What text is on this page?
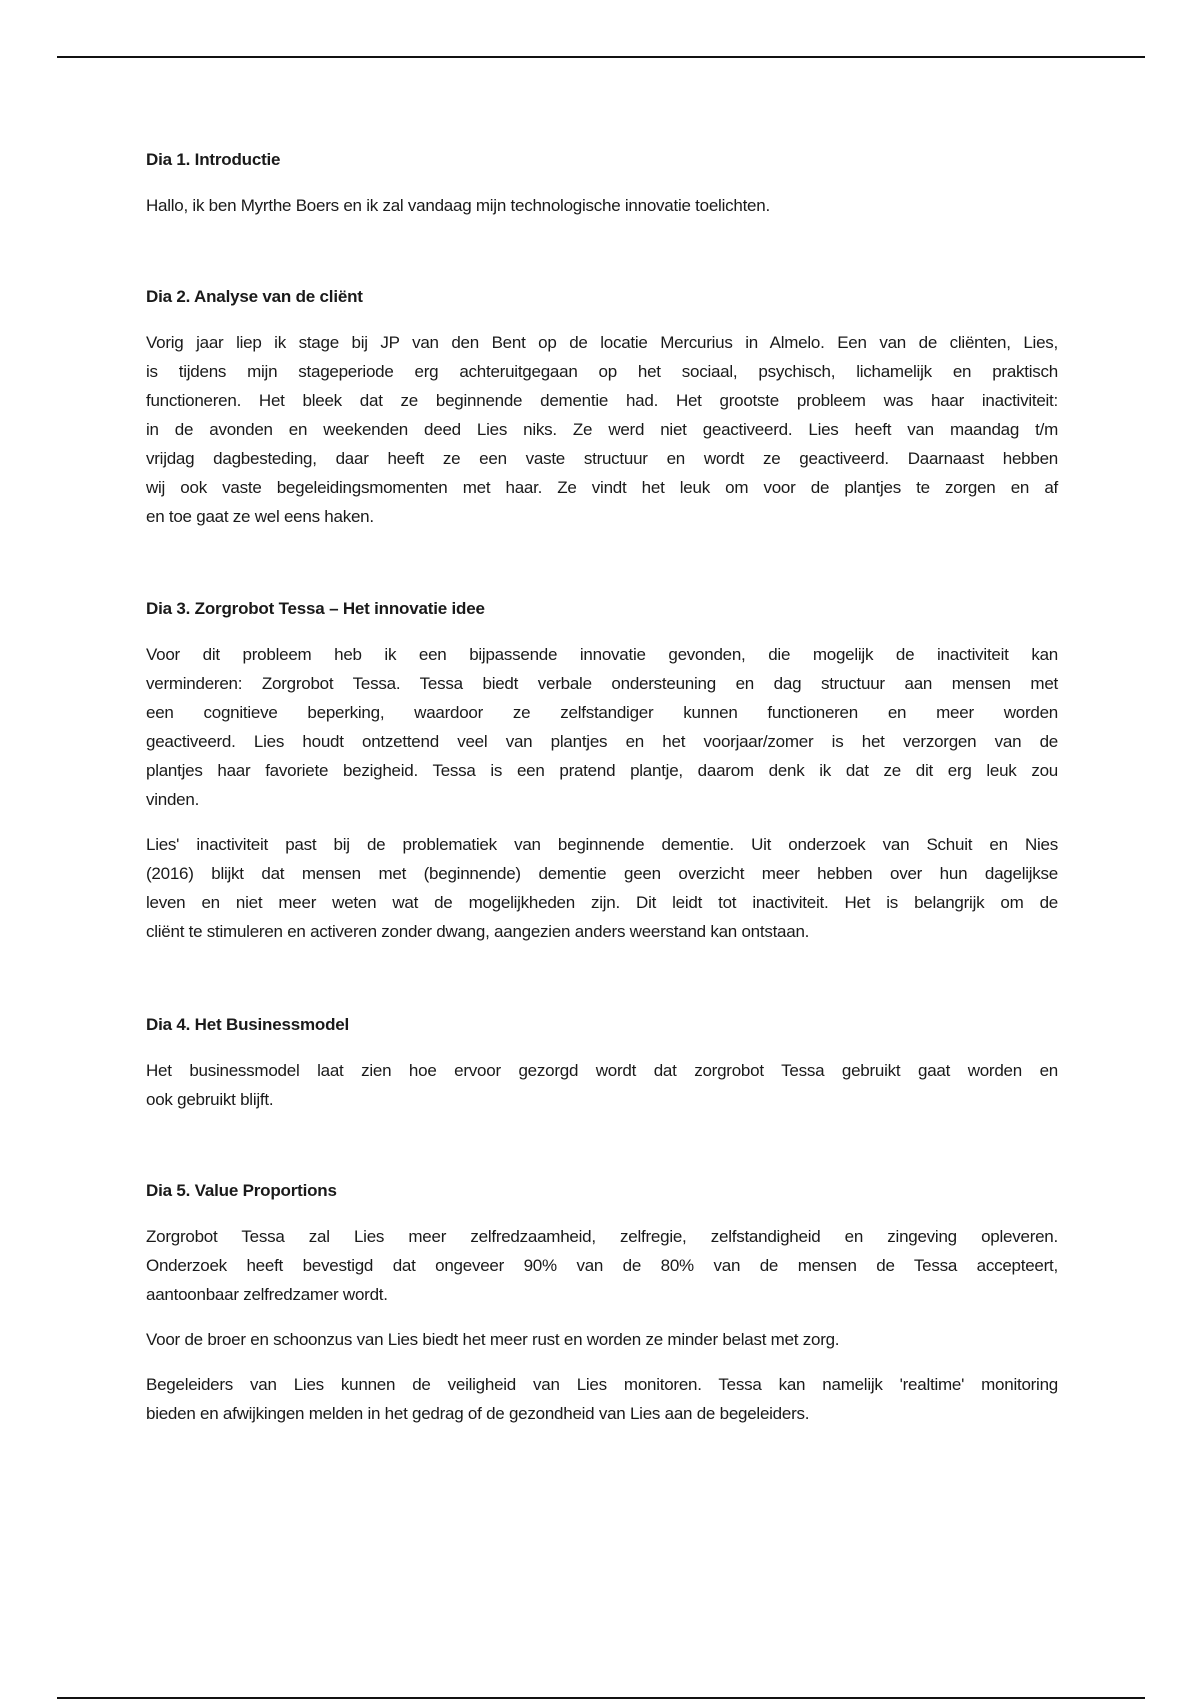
Dia 1. Introductie
Hallo, ik ben Myrthe Boers en ik zal vandaag mijn technologische innovatie toelichten.
Dia 2. Analyse van de cliënt
Vorig jaar liep ik stage bij JP van den Bent op de locatie Mercurius in Almelo. Een van de cliënten, Lies,
is tijdens mijn stageperiode erg achteruitgegaan op het sociaal, psychisch, lichamelijk en praktisch
functioneren. Het bleek dat ze beginnende dementie had. Het grootste probleem was haar inactiviteit:
in de avonden en weekenden deed Lies niks. Ze werd niet geactiveerd. Lies heeft van maandag t/m
vrijdag dagbesteding, daar heeft ze een vaste structuur en wordt ze geactiveerd. Daarnaast hebben
wij ook vaste begeleidingsmomenten met haar. Ze vindt het leuk om voor de plantjes te zorgen en af
en toe gaat ze wel eens haken.
Dia 3. Zorgrobot Tessa – Het innovatie idee
Voor dit probleem heb ik een bijpassende innovatie gevonden, die mogelijk de inactiviteit kan
verminderen: Zorgrobot Tessa. Tessa biedt verbale ondersteuning en dag structuur aan mensen met
een cognitieve beperking, waardoor ze zelfstandiger kunnen functioneren en meer worden
geactiveerd. Lies houdt ontzettend veel van plantjes en het voorjaar/zomer is het verzorgen van de
plantjes haar favoriete bezigheid. Tessa is een pratend plantje, daarom denk ik dat ze dit erg leuk zou
vinden.
Lies' inactiviteit past bij de problematiek van beginnende dementie. Uit onderzoek van Schuit en Nies
(2016) blijkt dat mensen met (beginnende) dementie geen overzicht meer hebben over hun dagelijkse
leven en niet meer weten wat de mogelijkheden zijn. Dit leidt tot inactiviteit. Het is belangrijk om de
cliënt te stimuleren en activeren zonder dwang, aangezien anders weerstand kan ontstaan.
Dia 4. Het Businessmodel
Het businessmodel laat zien hoe ervoor gezorgd wordt dat zorgrobot Tessa gebruikt gaat worden en
ook gebruikt blijft.
Dia 5. Value Proportions
Zorgrobot Tessa zal Lies meer zelfredzaamheid, zelfregie, zelfstandigheid en zingeving opleveren.
Onderzoek heeft bevestigd dat ongeveer 90% van de 80% van de mensen de Tessa accepteert,
aantoonbaar zelfredzamer wordt.
Voor de broer en schoonzus van Lies biedt het meer rust en worden ze minder belast met zorg.
Begeleiders van Lies kunnen de veiligheid van Lies monitoren. Tessa kan namelijk 'realtime' monitoring
bieden en afwijkingen melden in het gedrag of de gezondheid van Lies aan de begeleiders.
